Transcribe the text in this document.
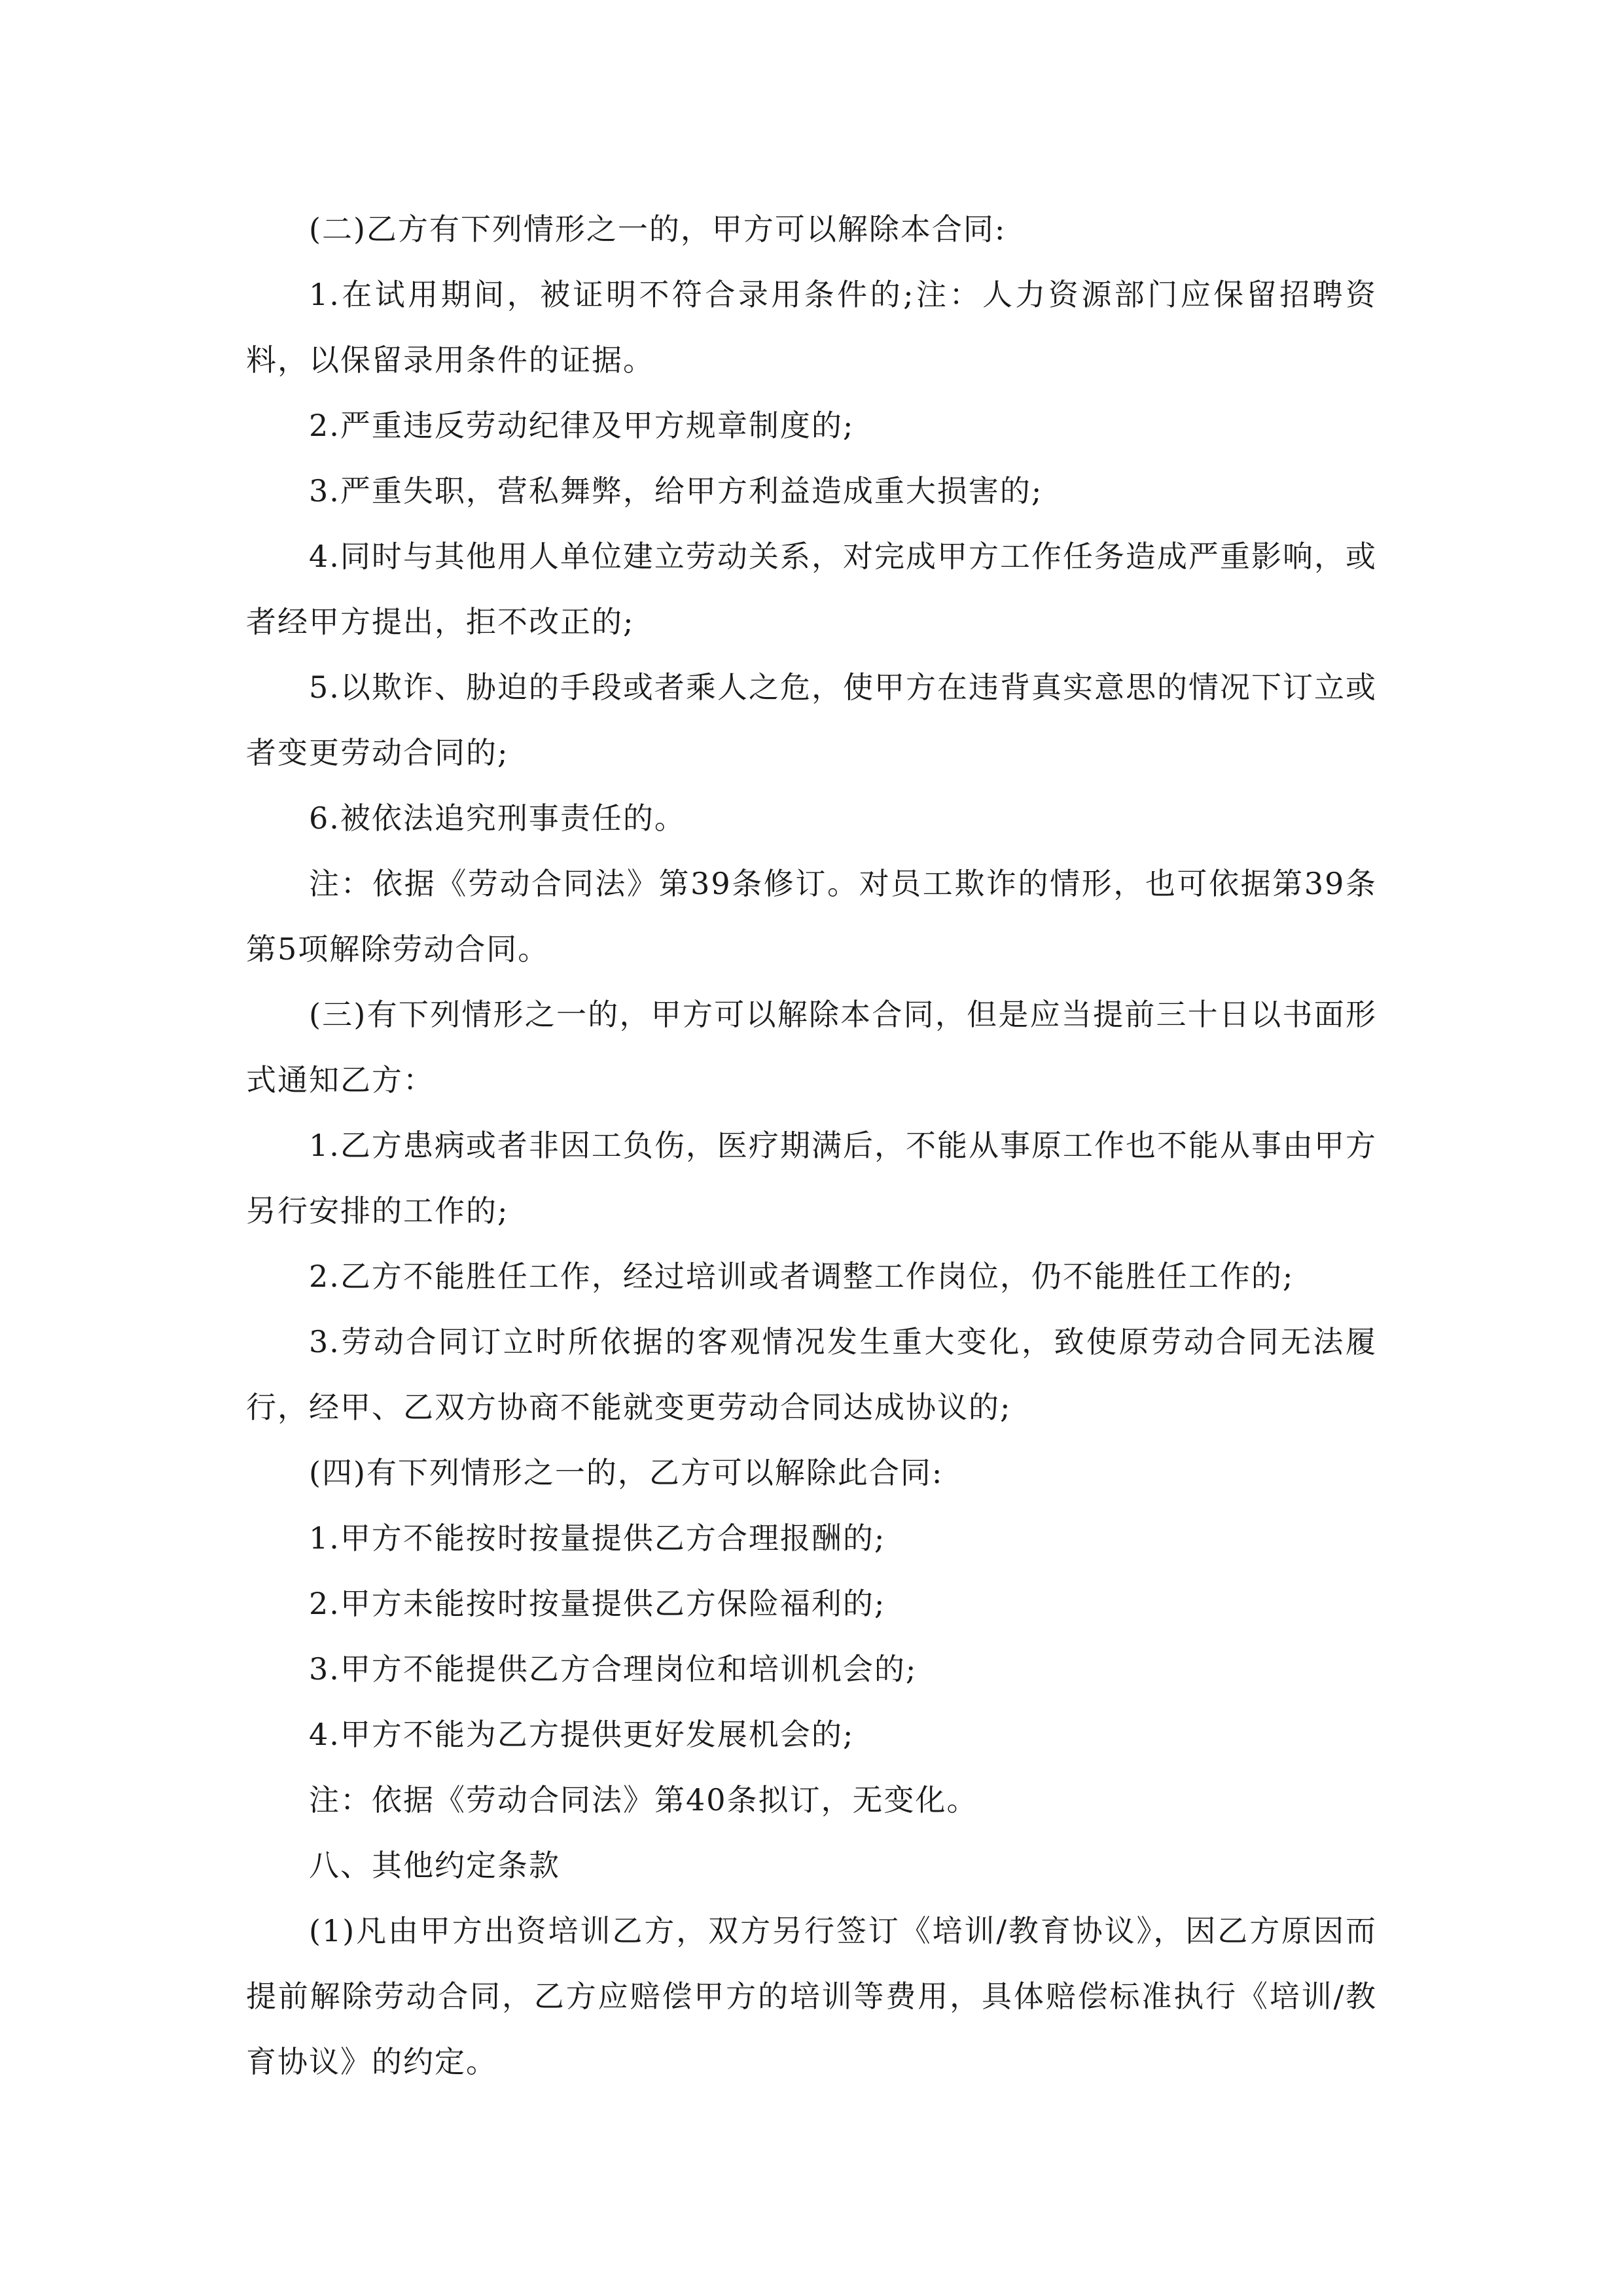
(二)乙方有下列情形之一的，甲方可以解除本合同:

1.在试用期间，被证明不符合录用条件的;注：人力资源部门应保留招聘资料，以保留录用条件的证据。

2.严重违反劳动纪律及甲方规章制度的;

3.严重失职，营私舞弊，给甲方利益造成重大损害的;

4.同时与其他用人单位建立劳动关系，对完成甲方工作任务造成严重影响，或者经甲方提出，拒不改正的;

5.以欺诈、胁迫的手段或者乘人之危，使甲方在违背真实意思的情况下订立或者变更劳动合同的;

6.被依法追究刑事责任的。

注：依据《劳动合同法》第39条修订。对员工欺诈的情形，也可依据第39条第5项解除劳动合同。

(三)有下列情形之一的，甲方可以解除本合同，但是应当提前三十日以书面形式通知乙方：

1.乙方患病或者非因工负伤，医疗期满后，不能从事原工作也不能从事由甲方另行安排的工作的;

2.乙方不能胜任工作，经过培训或者调整工作岗位，仍不能胜任工作的;

3.劳动合同订立时所依据的客观情况发生重大变化，致使原劳动合同无法履行，经甲、乙双方协商不能就变更劳动合同达成协议的;

(四)有下列情形之一的，乙方可以解除此合同:

1.甲方不能按时按量提供乙方合理报酬的;

2.甲方未能按时按量提供乙方保险福利的;

3.甲方不能提供乙方合理岗位和培训机会的;

4.甲方不能为乙方提供更好发展机会的;

注：依据《劳动合同法》第40条拟订，无变化。

八、其他约定条款

(1)凡由甲方出资培训乙方，双方另行签订《培训/教育协议》，因乙方原因而提前解除劳动合同，乙方应赔偿甲方的培训等费用，具体赔偿标准执行《培训/教育协议》的约定。
